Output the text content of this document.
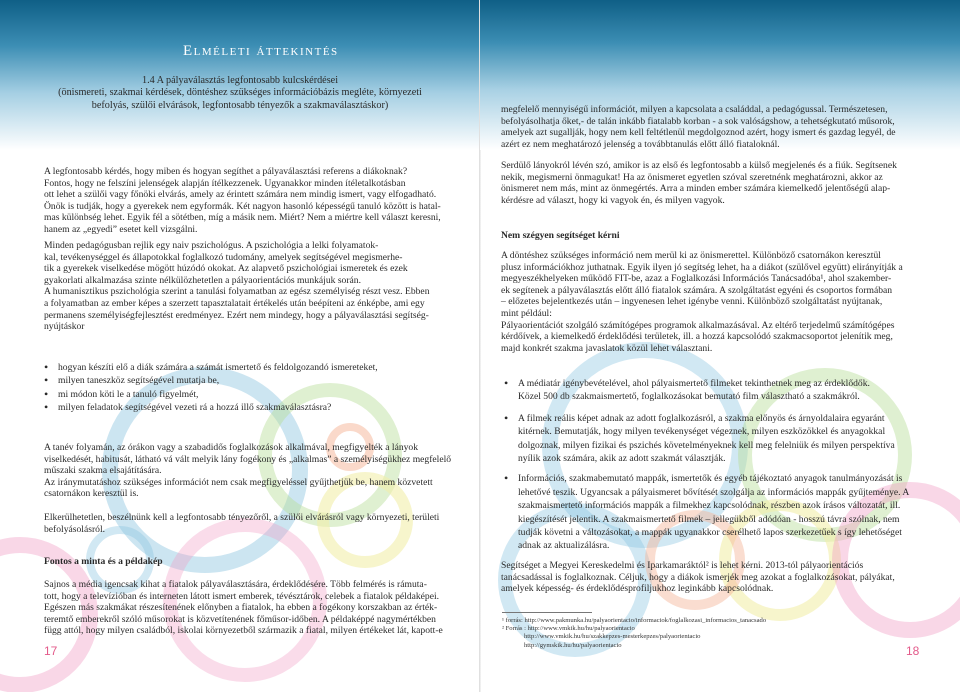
Elméleti áttekintés
1.4 A pályaválasztás legfontosabb kulcskérdései
(önismereti, szakmai kérdések, döntéshez szükséges információbázis megléte, környezeti
befolyás, szülői elvárások, legfontosabb tényezők a szakmaválasztáskor)
A legfontosabb kérdés, hogy miben és hogyan segíthet a pályaválasztási referens a diákoknak?
Fontos, hogy ne felszíni jelenségek alapján ítélkezzenek. Ugyanakkor minden ítéletalkotásban
ott lehet a szülői vagy főnöki elvárás, amely az érintett számára nem mindig ismert, vagy elfogadható.
Önök is tudják, hogy a gyerekek nem egyformák. Két nagyon hasonló képességű tanuló között is hatal-
mas különbség lehet. Egyik fél a sötétben, míg a másik nem. Miért? Nem a miértre kell választ keresni,
hanem az „egyedi” esetet kell vizsgálni.
Minden pedagógusban rejlik egy naiv pszichológus. A pszichológia a lelki folyamatok-
kal, tevékenységgel és állapotokkal foglalkozó tudomány, amelyek segítségével megismerhe-
tik a gyerekek viselkedése mögött húzódó okokat. Az alapvető pszichológiai ismeretek és ezek
gyakorlati alkalmazása szinte nélkülözhetetlen a pályaorientációs munkájuk során.
A humanisztikus pszichológia szerint a tanulási folyamatban az egész személyiség részt vesz. Ebben
a folyamatban az ember képes a szerzett tapasztalatait értékelés után beépíteni az énképbe, ami egy
permanens személyiségfejlesztést eredményez. Ezért nem mindegy, hogy a pályaválasztási segítség-
nyújtáskor
• hogyan készíti elő a diák számára a számát ismertető és feldolgozandó ismereteket,
• milyen taneszköz segítségével mutatja be,
• mi módon köti le a tanuló figyelmét,
• milyen feladatok segítségével vezeti rá a hozzá illő szakmaválasztásra?
A tanév folyamán, az órákon vagy a szabadidős foglalkozások alkalmával, megfigyelték a lányok
viselkedését, habitusát, látható vá vált melyik lány fogékony és „alkalmas” a személyiségükhez megfelelő
műszaki szakma elsajátítására.
Az iránymutatáshoz szükséges információt nem csak megfigyeléssel gyűjthetjük be, hanem közvetett
csatornákon keresztül is.
Elkerülhetetlen, beszélnünk kell a legfontosabb tényezőről, a szülői elvárásról vagy környezeti, területi
befolyásolásról.
Fontos a minta és a példakép
Sajnos a média igencsak kihat a fiatalok pályaválasztására, érdeklődésére. Több felmérés is rámuta-
tott, hogy a televízióban és interneten látott ismert emberek, tévésztárok, celebek a fiatalok példaképei.
Egészen más szakmákat részesítenének előnyben a fiatalok, ha ebben a fogékony korszakban az érték-
teremtő emberekről szóló műsorokat is közvetítenének főműsor-időben. A példaképpé nagymértékben
függ attól, hogy milyen családból, iskolai környezetből származik a fiatal, milyen értékeket lát, kapott-e
17
megfelelő mennyiségű információt, milyen a kapcsolata a családdal, a pedagógussal. Természetesen,
befolyásolhatja őket,- de talán inkább fiatalabb korban - a sok valóságshow, a tehetségkutató műsorok,
amelyek azt sugallják, hogy nem kell feltétlenül megdolgoznod azért, hogy ismert és gazdag legyél, de
azért ez nem meghatározó jelenség a továbbtanulás előtt álló fiataloknál.
Serdülő lányokról lévén szó, amikor is az első és legfontosabb a külső megjelenés és a fiúk. Segítsenek
nekik, megismerni önmagukat! Ha az önismeret egyetlen szóval szeretnénk meghatározni, akkor az
önismeret nem más, mint az önmegértés. Arra a minden ember számára kiemelkedő jelentőségű alap-
kérdésre ad választ, hogy ki vagyok én, és milyen vagyok.
Nem szégyen segítséget kérni
A döntéshez szükséges információ nem merül ki az önismerettel. Különböző csatornákon keresztül
plusz információkhoz juthatnak. Egyik ilyen jó segítség lehet, ha a diákot (szülővel együtt) elirányítják a
megyeszékhelyeken működő FIT-be, azaz a Foglalkozási Információs Tanácsadóba¹, ahol szakember-
ek segítenek a pályaválasztás előtt álló fiatalok számára. A szolgáltatást egyéni és csoportos formában
– előzetes bejelentkezés után – ingyenesen lehet igénybe venni. Különböző szolgáltatást nyújtanak,
mint például:
Pályaorientációt szolgáló számítógépes programok alkalmazásával. Az eltérő terjedelmű számítógépes
kérdőívek, a kiemelkedő érdeklődési területek, ill. a hozzá kapcsolódó szakmacsoportot jelenítik meg,
majd konkrét szakma javaslatok közül lehet választani.
• A médiatár igénybevételével, ahol pályaismertető filmeket tekinthetnek meg az érdeklődők.
Közel 500 db szakmaismertető, foglalkozásokat bemutató film választható a szakmákról.
• A filmek reális képet adnak az adott foglalkozásról, a szakma előnyös és árnyoldalaira egyaránt
kitérnek. Bemutatják, hogy milyen tevékenységet végeznek, milyen eszközökkel és anyagokkal
dolgoznak, milyen fizikai és pszichés követelményeknek kell meg felelniük és milyen perspektíva
nyílik azok számára, akik az adott szakmát választják.
• Információs, szakmabemutató mappák, ismertetők és egyéb tájékoztató anyagok tanulmányozását is
lehetővé teszik. Ugyancsak a pályaismeret bővítését szolgálja az információs mappák gyűjteménye. A
szakmaismertető információs mappák a filmekhez kapcsolódnak, részben azok írásos változatát, ill.
kiegészítését jelentik. A szakmaismertető filmek – jellegükből adódóan - hosszú távra szólnak, nem
tudják követni a változásokat, a mappák ugyanakkor cserélhető lapos szerkezetűek s így lehetőséget
adnak az aktualizálásra.
Segítséget a Megyei Kereskedelmi és Iparkamaráktól² is lehet kérni. 2013-tól pályaorientációs
tanácsadással is foglalkoznak. Céljuk, hogy a diákok ismerjék meg azokat a foglalkozásokat, pályákat,
amelyek képesség- és érdeklődésprofiljukhoz leginkább kapcsolódnak.
¹ forrás: http://www.pakmunka.hu/palyaorientacio/informaciok/foglalkozasi_informacios_tanacsado
² Forrás : http://www.vmkik.hu/hu/palyaorientacio
http://www.vmkik.hu/hu/szakkepzes-mesterkepzes/palyaorientacio
http://gymskik.hu/hu/palyaorientacio	18
